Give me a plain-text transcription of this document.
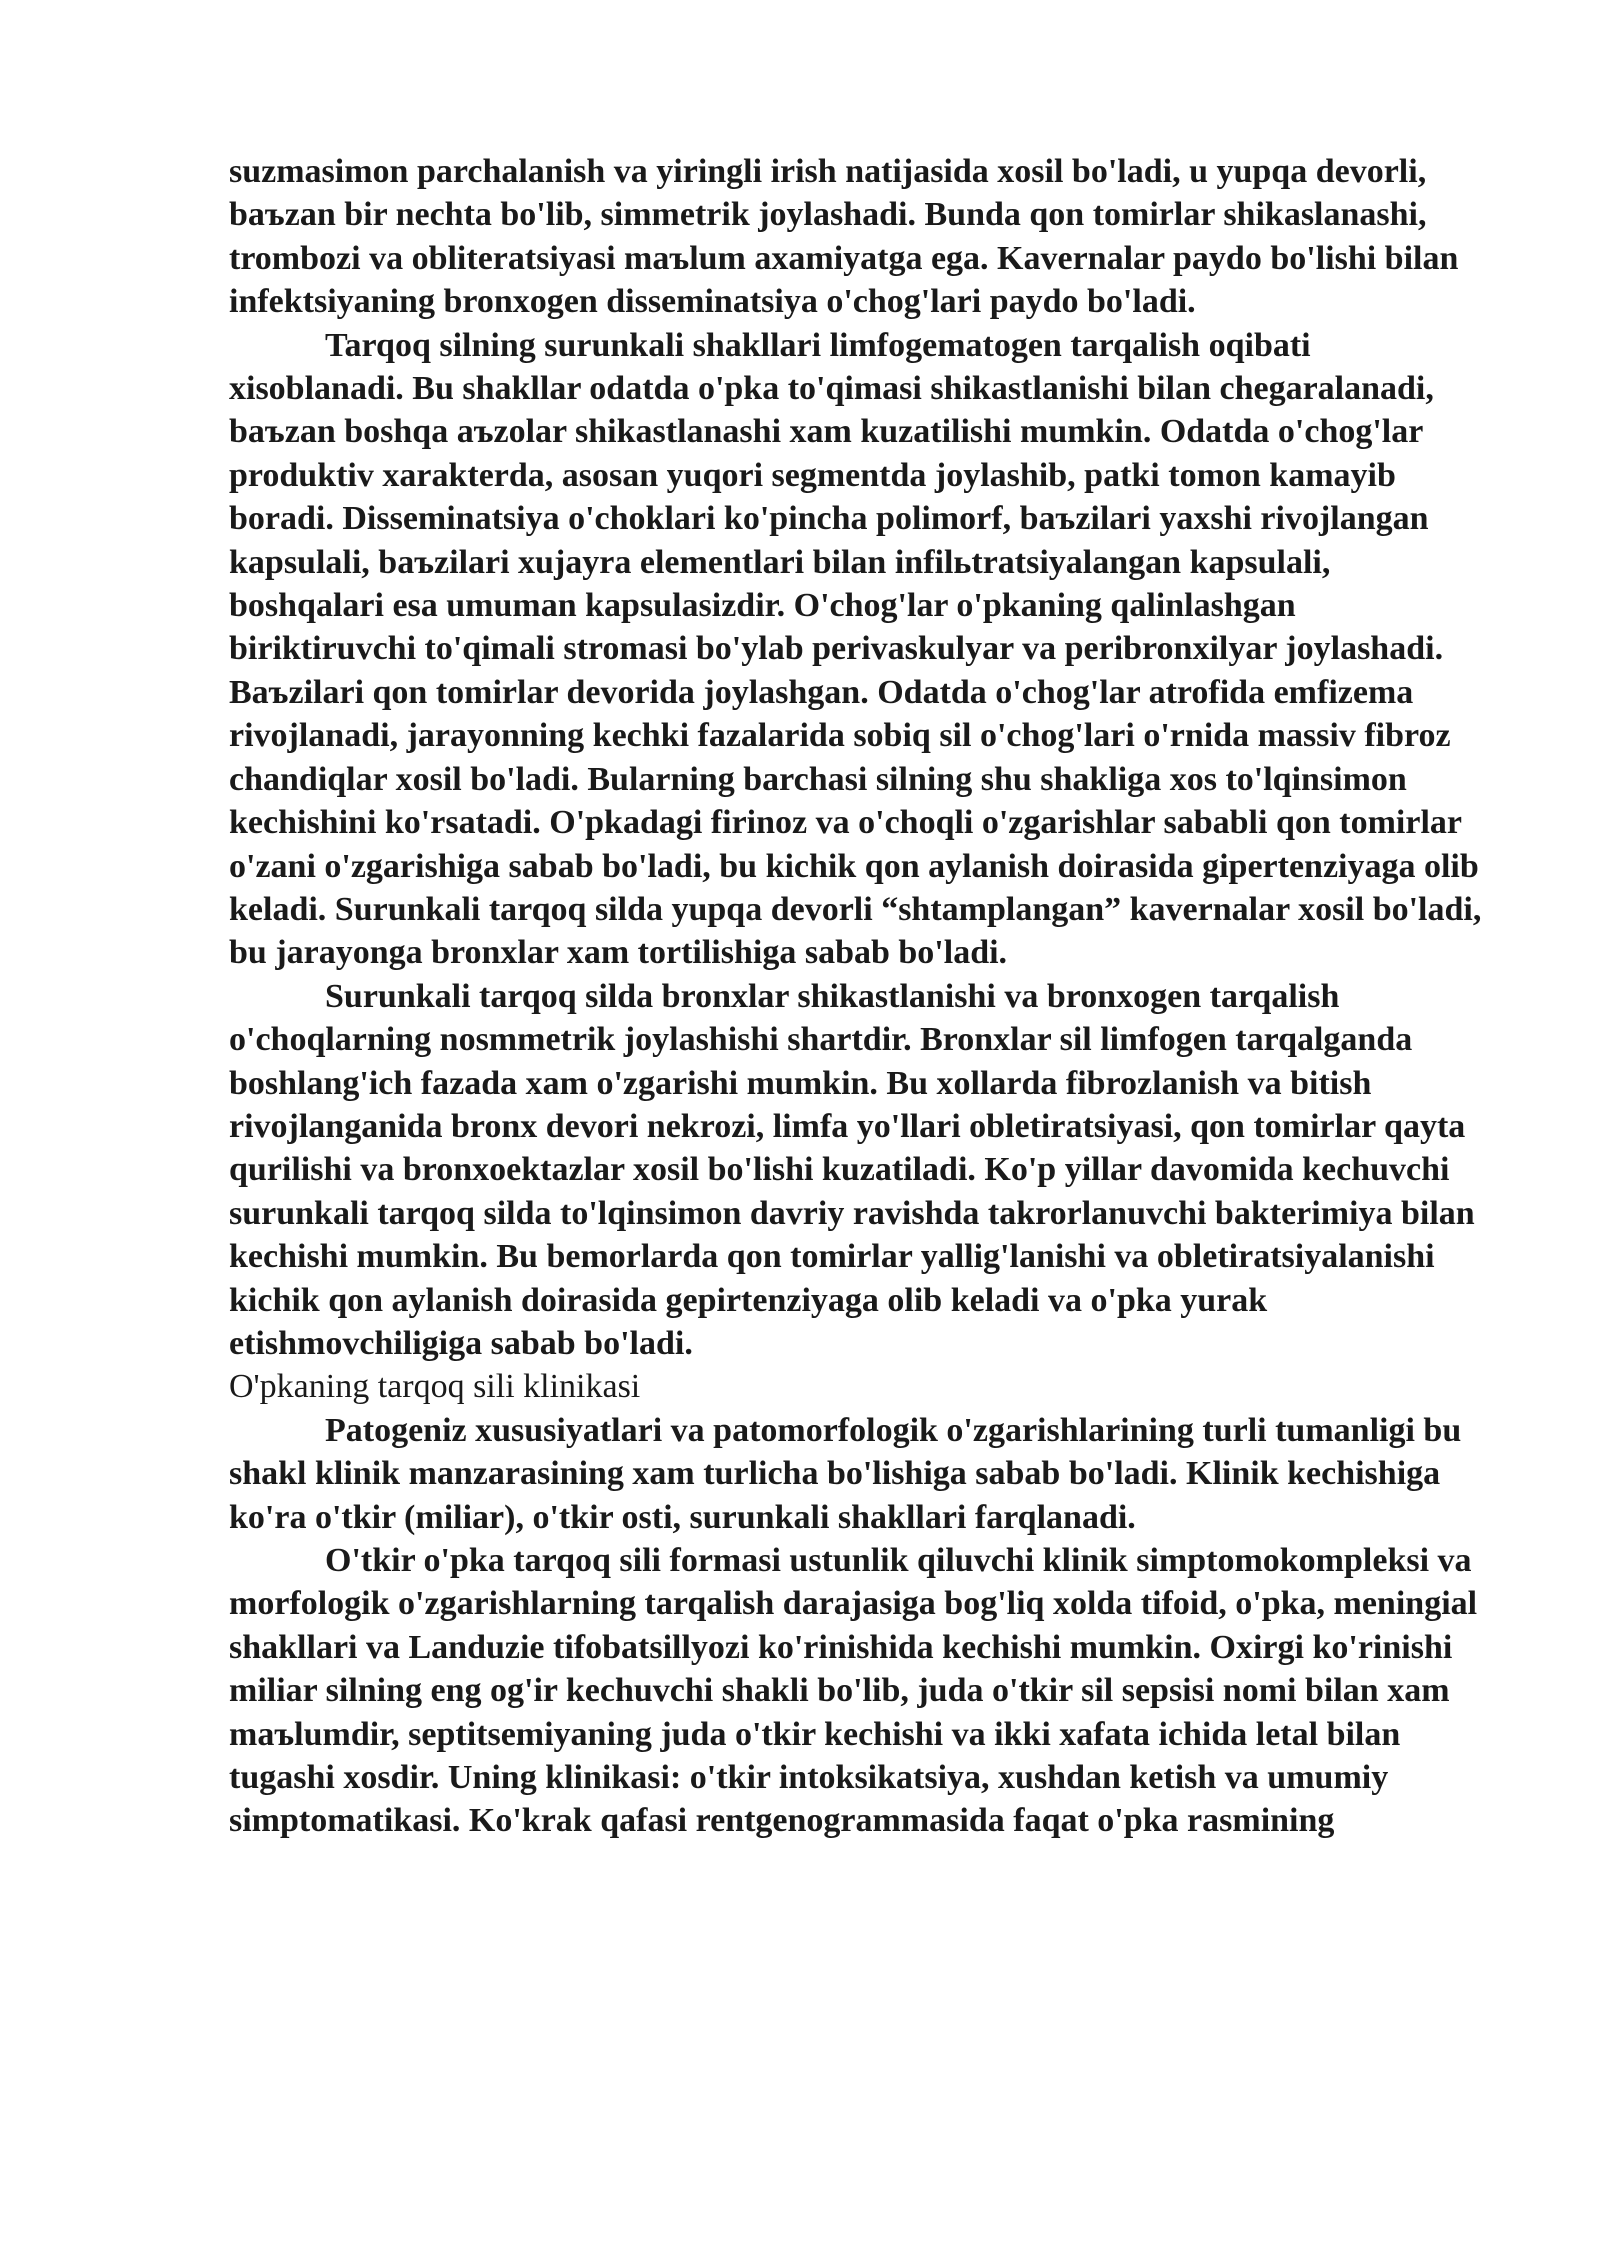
suzmasimon parchalanish va yiringli irish natijasida xosil bo'ladi, u yupqa devorli, baъzan bir nechta bo'lib, simmetrik joylashadi. Bunda qon tomirlar shikaslanashi, trombozi va obliteratsiyasi maъlum axamiyatga ega. Kavernalar paydo bo'lishi bilan infektsiyaning bronxogen disseminatsiya o'chog'lari paydo bo'ladi.

Tarqoq silning surunkali shakllari limfogematogen tarqalish oqibati xisoblanadi. Bu shakllar odatda o'pka to'qimasi shikastlanishi bilan chegaralanadi, baъzan boshqa aъzolar shikastlanashi xam kuzatilishi mumkin. Odatda o'chog'lar produktiv xarakterda, asosan yuqori segmentda joylashib, patki tomon kamayib boradi. Disseminatsiya o'choklari ko'pincha polimorf, baъzilari yaxshi rivojlangan kapsulali, baъzilari xujayra elementlari bilan infilьtratsiyalangan kapsulali, boshqalari esa umuman kapsulasizdir. O'chog'lar o'pkaning qalinlashgan biriktiruvchi to'qimali stromasi bo'ylab perivaskulyar va peribronxilyar joylashadi. Baъzilari qon tomirlar devorida joylashgan. Odatda o'chog'lar atrofida emfizema rivojlanadi, jarayonning kechki fazalarida sobiq sil o'chog'lari o'rnida massiv fibroz chandiqlar xosil bo'ladi. Bularning barchasi silning shu shakliga xos to'lqinsimon kechishini ko'rsatadi. O'pkadagi firinoz va o'choqli o'zgarishlar sababli qon tomirlar o'zani o'zgarishiga sabab bo'ladi, bu kichik qon aylanish doirasida gipertenziyaga olib keladi. Surunkali tarqoq silda yupqa devorli “shtamplangan” kavernalar xosil bo'ladi, bu jarayonga bronxlar xam tortilishiga sabab bo'ladi.

Surunkali tarqoq silda bronxlar shikastlanishi va bronxogen tarqalish o'choqlarning nosmmetrik joylashishi shartdir. Bronxlar sil limfogen tarqalganda boshlang'ich fazada xam o'zgarishi mumkin. Bu xollarda fibrozlanish va bitish rivojlanganida bronx devori nekrozi, limfa yo'llari obletiratsiyasi, qon tomirlar qayta qurilishi va bronxoektazlar xosil bo'lishi kuzatiladi. Ko'p yillar davomida kechuvchi surunkali tarqoq silda to'lqinsimon davriy ravishda takrorlanuvchi bakterimiya bilan kechishi mumkin. Bu bemorlarda qon tomirlar yallig'lanishi va obletiratsiyalanishi kichik qon aylanish doirasida gepirtenziyaga olib keladi va o'pka yurak etishmovchiligiga sabab bo'ladi.

O'pkaning tarqoq sili klinikasi

Patogeniz xususiyatlari va patomorfologik o'zgarishlarining turli tumanligi bu shakl klinik manzarasining xam turlicha bo'lishiga sabab bo'ladi. Klinik kechishiga ko'ra o'tkir (miliar), o'tkir osti, surunkali shakllari farqlanadi.

O'tkir o'pka tarqoq sili formasi ustunlik qiluvchi klinik simptomokompleksi va morfologik o'zgarishlarning tarqalish darajasiga bog'liq xolda tifoid, o'pka, meningial shakllari va Landuzie tifobatsillyozi ko'rinishida kechishi mumkin. Oxirgi ko'rinishi miliar silning eng og'ir kechuvchi shakli bo'lib, juda o'tkir sil sepsisi nomi bilan xam maъlumdir, septitsemiyaning juda o'tkir kechishi va ikki xafata ichida letal bilan tugashi xosdir. Uning klinikasi: o'tkir intoksikatsiya, xushdan ketish va umumiy simptomatikasi. Ko'krak qafasi rentgenogrammasida faqat o'pka rasmining
